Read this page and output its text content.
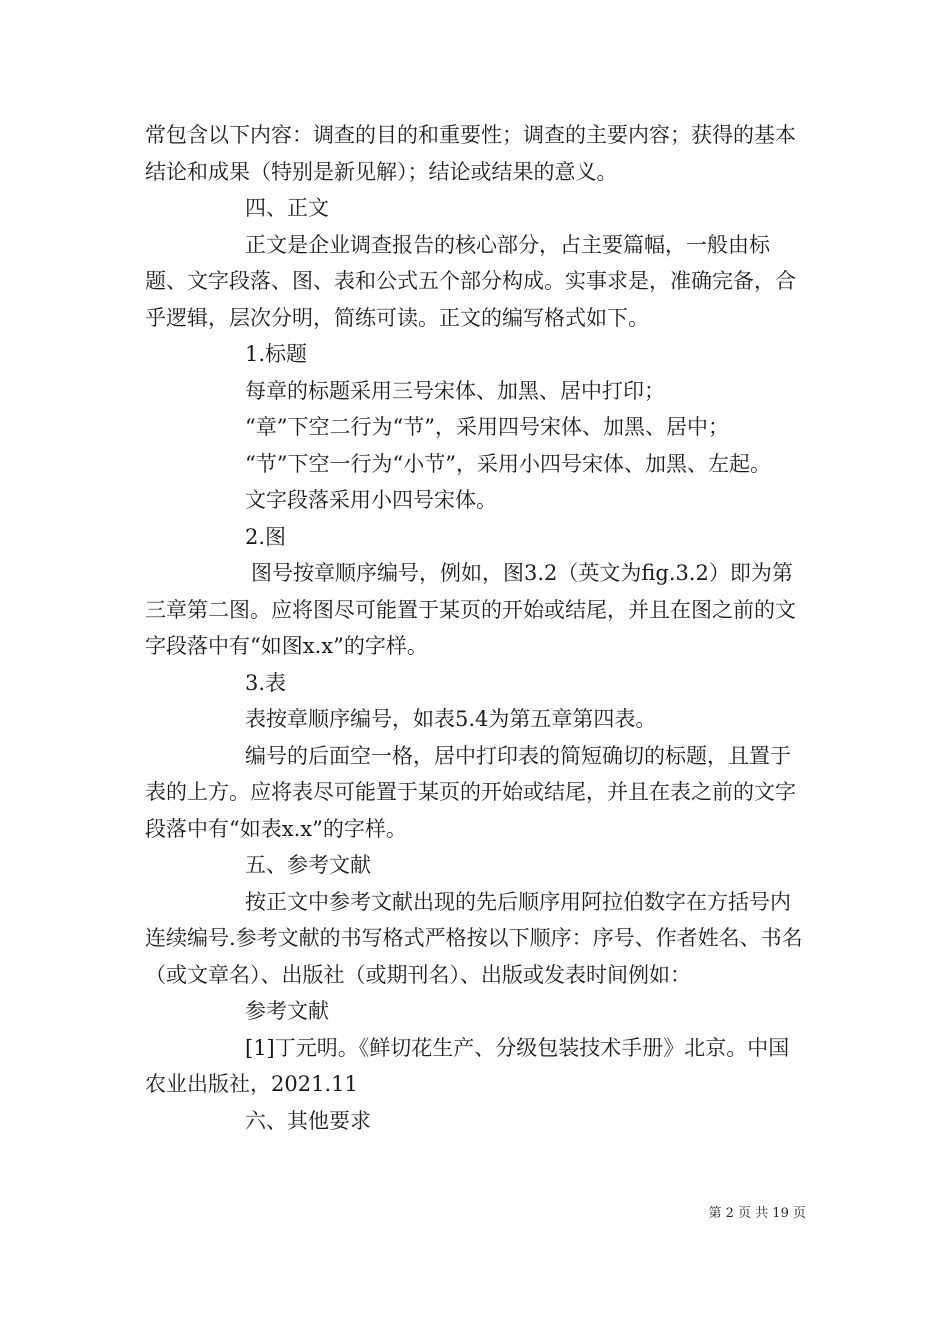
常包含以下内容：调查的目的和重要性；调查的主要内容；获得的基本结论和成果（特别是新见解）；结论或结果的意义。

四、正文

正文是企业调查报告的核心部分，占主要篇幅，一般由标题、文字段落、图、表和公式五个部分构成。实事求是，准确完备，合乎逻辑，层次分明，简练可读。正文的编写格式如下。

1.标题

每章的标题采用三号宋体、加黑、居中打印；

“章”下空二行为“节”，采用四号宋体、加黑、居中；

“节”下空一行为“小节”，采用小四号宋体、加黑、左起。

文字段落采用小四号宋体。

2.图

图号按章顺序编号，例如，图3.2（英文为fig.3.2）即为第三章第二图。应将图尽可能置于某页的开始或结尾，并且在图之前的文字段落中有“如图x.x”的字样。

3.表

表按章顺序编号，如表5.4为第五章第四表。

编号的后面空一格，居中打印表的简短确切的标题，且置于表的上方。应将表尽可能置于某页的开始或结尾，并且在表之前的文字段落中有“如表x.x”的字样。

五、参考文献

按正文中参考文献出现的先后顺序用阿拉伯数字在方括号内连续编号.参考文献的书写格式严格按以下顺序：序号、作者姓名、书名（或文章名）、出版社（或期刊名）、出版或发表时间例如：

参考文献

[1]丁元明。《鲜切花生产、分级包装技术手册》北京。中国农业出版社，2021.11

六、其他要求

第 2 页 共 19 页
